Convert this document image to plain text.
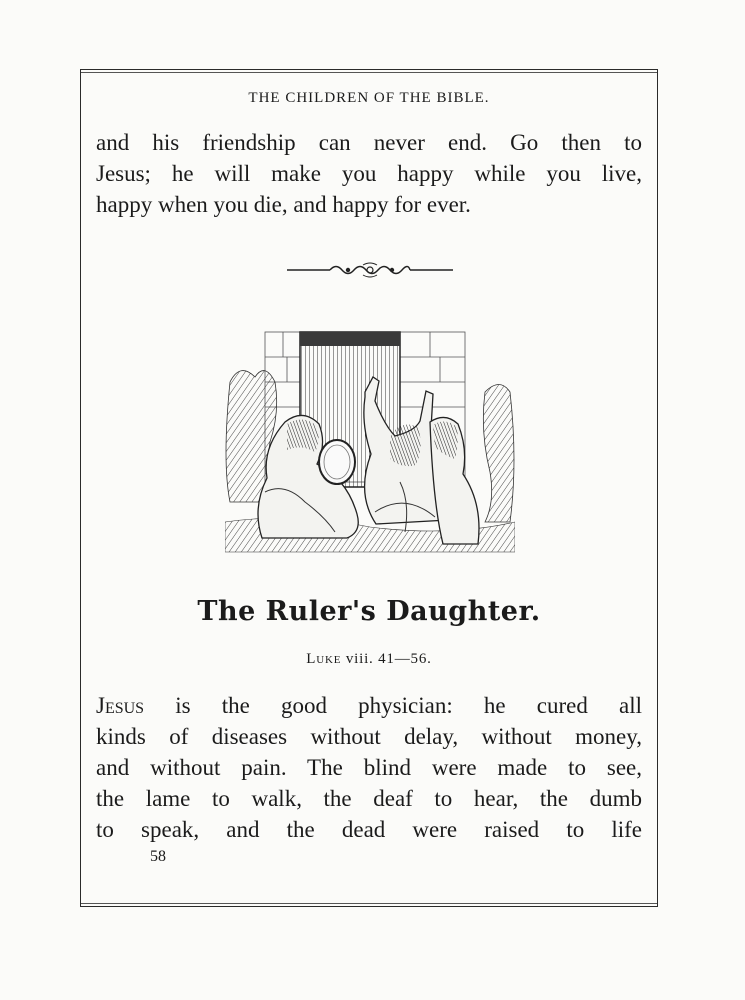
THE CHILDREN OF THE BIBLE.
and his friendship can never end. Go then to
Jesus; he will make you happy while you live,
happy when you die, and happy for ever.
The Ruler's Daughter.
Luke viii. 41—56.
Jesus is the good physician: he cured all
kinds of diseases without delay, without money,
and without pain. The blind were made to see,
the lame to walk, the deaf to hear, the dumb
to speak, and the dead were raised to life
58
